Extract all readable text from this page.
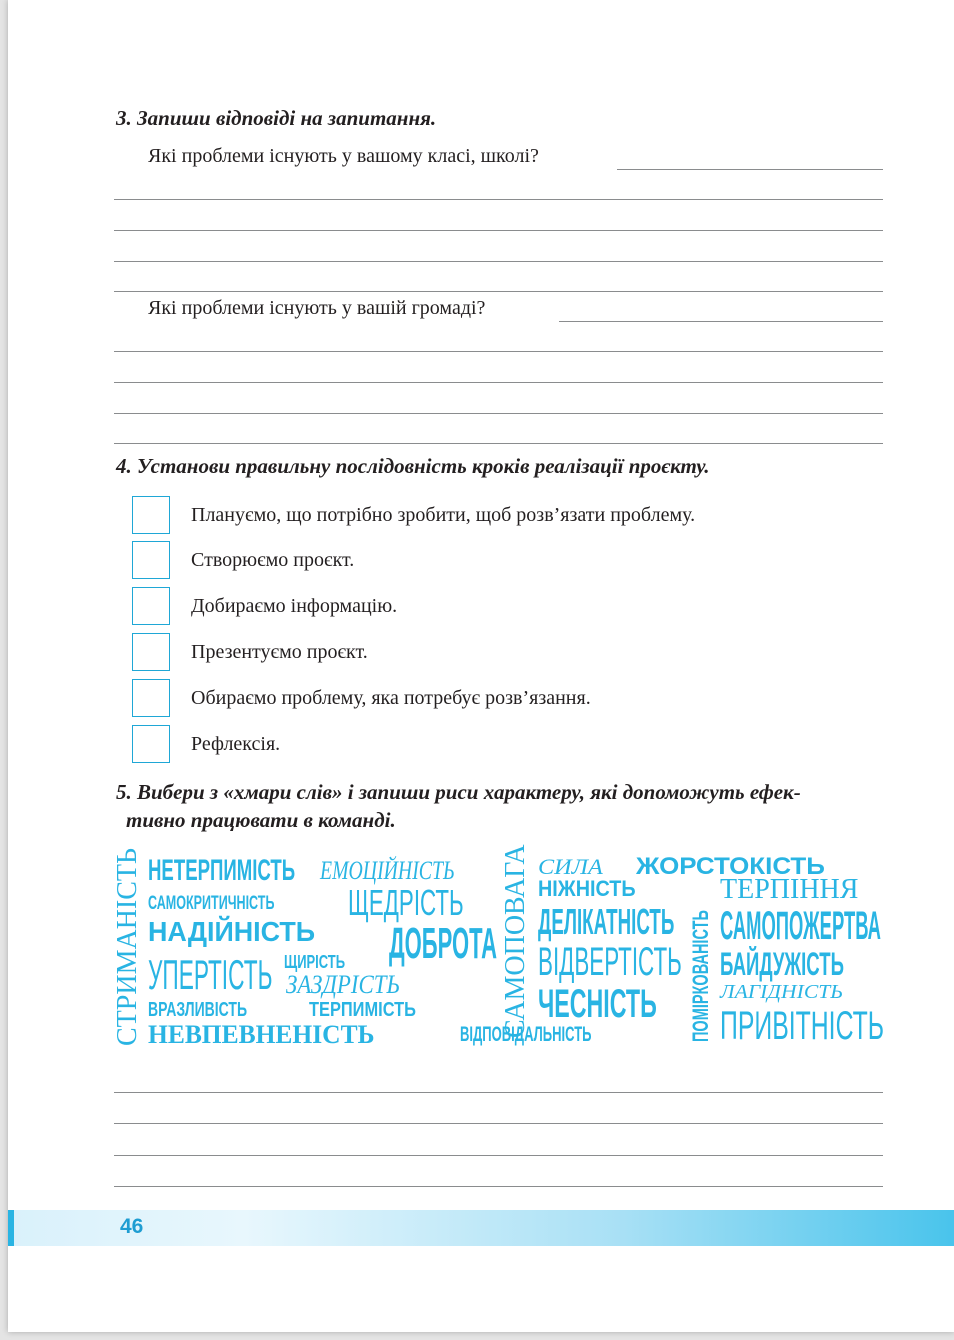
3. Запиши відповіді на запитання.
Які проблеми існують у вашому класі, школі?
Які проблеми існують у вашій громаді?
4. Установи правильну послідовність кроків реалізації проєкту.
Плануємо, що потрібно зробити, щоб розв’язати проблему.
Створюємо проєкт.
Добираємо інформацію.
Презентуємо проєкт.
Обираємо проблему, яка потребує розв’язання.
Рефлексія.
5. Вибери з «хмари слів» і запиши риси характеру, які допоможуть ефек-
тивно працювати в команді.
СТРИМАНІСТЬ НЕТЕРПИМІСТЬ ЕМОЦІЙНІСТЬ
САМОКРИТИЧНІСТЬ ЩЕДРІСТЬ
НАДІЙНІСТЬ ДОБРОТА
УПЕРТІСТЬ ЩИРІСТЬ
ЗАЗДРІСТЬ
ВРАЗЛИВІСТЬ	ТЕРПИМІСТЬ
НЕВПЕВНЕНІСТЬ	ВІДПОВІДАЛЬНІСТЬ
САМОПОВАГА СИЛА ЖОРСТОКІСТЬ
НІЖНІСТЬ
ДЕЛІКАТНІСТЬ
ВІДВЕРТІСТЬ
ЧЕСНІСТЬ ПОМІРКОВАНІСТЬ
ТЕРПІННЯ
САМОПОЖЕРТВА
БАЙДУЖІСТЬ
ЛАГІДНІСТЬ
ПРИВІТНІСТЬ
46
